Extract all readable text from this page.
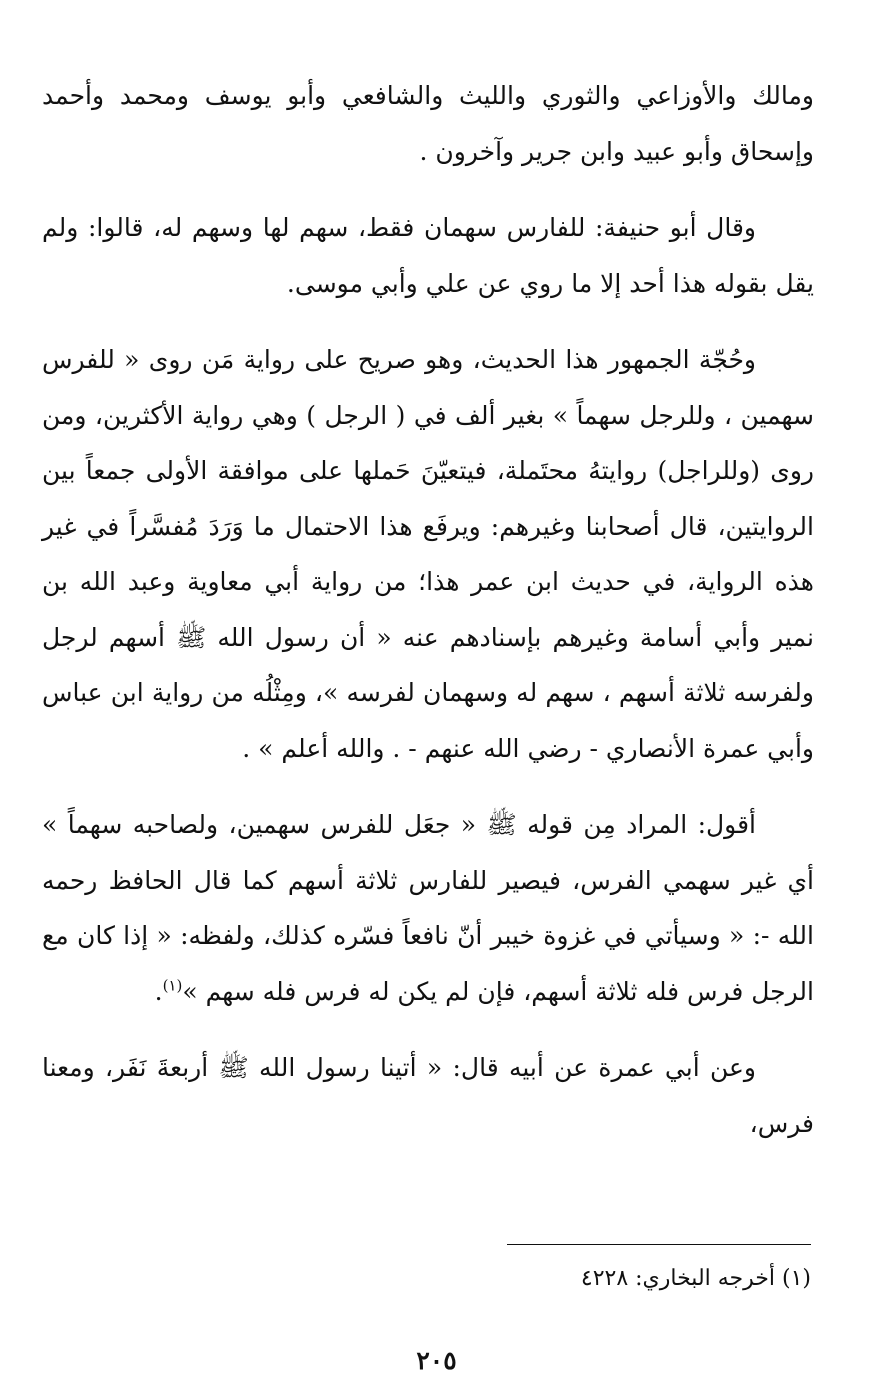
ومالك والأوزاعي والثوري والليث والشافعي وأبو يوسف ومحمد وأحمد وإسحاق وأبو عبيد وابن جرير وآخرون .

وقال أبو حنيفة: للفارس سهمان فقط، سهم لها وسهم له، قالوا: ولم يقل بقوله هذا أحد إلا ما روي عن علي وأبي موسى.

وحُجّة الجمهور هذا الحديث، وهو صريح على رواية مَن روى « للفرس سهمين ، وللرجل سهماً » بغير ألف في ( الرجل ) وهي رواية الأكثرين، ومن روى (وللراجل) روايتهُ محتَملة، فيتعيّنَ حَملها على موافقة الأولى جمعاً بين الروايتين، قال أصحابنا وغيرهم: ويرفَع هذا الاحتمال ما وَرَدَ مُفسَّراً في غير هذه الرواية، في حديث ابن عمر هذا؛ من رواية أبي معاوية وعبد الله بن نمير وأبي أسامة وغيرهم بإسنادهم عنه « أن رسول الله ﷺ أسهم لرجل ولفرسه ثلاثة أسهم ، سهم له وسهمان لفرسه »، ومِثْلُه من رواية ابن عباس وأبي عمرة الأنصاري - رضي الله عنهم - . والله أعلم » .

أقول: المراد مِن قوله ﷺ « جعَل للفرس سهمين، ولصاحبه سهماً » أي غير سهمي الفرس، فيصير للفارس ثلاثة أسهم كما قال الحافظ رحمه الله -: « وسيأتي في غزوة خيبر أنّ نافعاً فسّره كذلك، ولفظه: « إذا كان مع الرجل فرس فله ثلاثة أسهم، فإن لم يكن له فرس فله سهم »$^{(١)}$.

وعن أبي عمرة عن أبيه قال: « أتينا رسول الله ﷺ أربعةَ نَفَر، ومعنا فرس،

(١) أخرجه البخاري: ٤٢٢٨
٢٠٥
